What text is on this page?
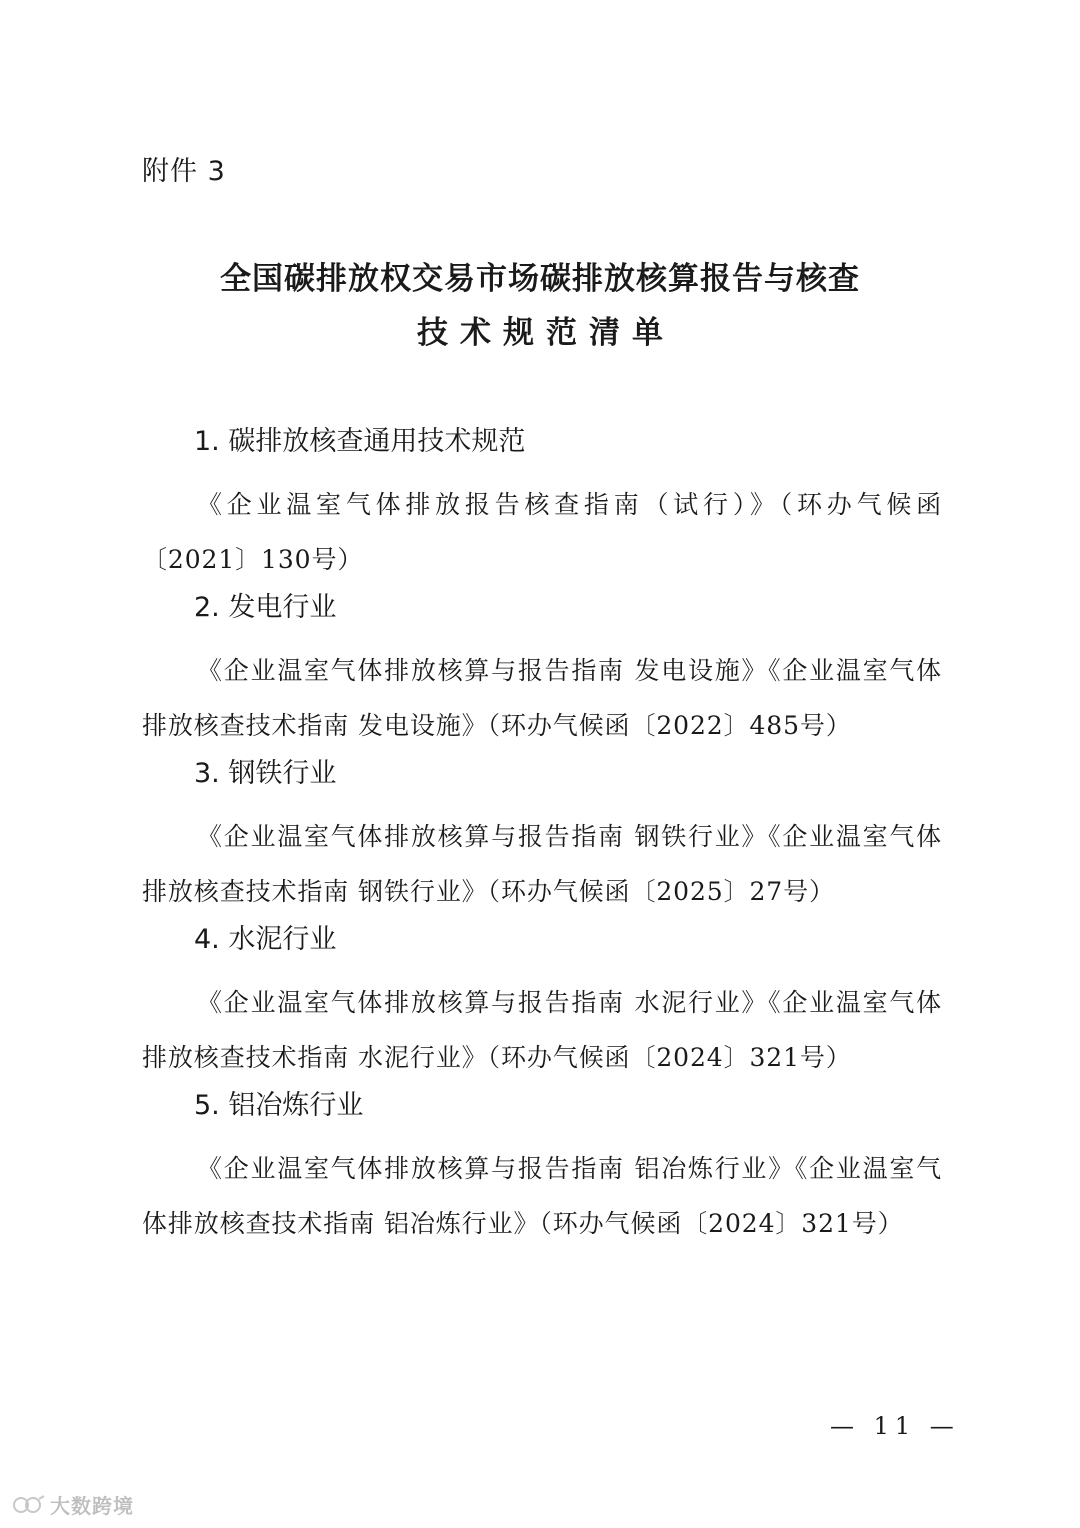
附件 3
全国碳排放权交易市场碳排放核算报告与核查
技术规范清单
1. 碳排放核查通用技术规范
《企业温室气体排放报告核查指南（试行）》（环办气候函〔2021〕130号）
2. 发电行业
《企业温室气体排放核算与报告指南 发电设施》《企业温室气体排放核查技术指南 发电设施》（环办气候函〔2022〕485号）
3. 钢铁行业
《企业温室气体排放核算与报告指南 钢铁行业》《企业温室气体排放核查技术指南 钢铁行业》（环办气候函〔2025〕27号）
4. 水泥行业
《企业温室气体排放核算与报告指南 水泥行业》《企业温室气体排放核查技术指南 水泥行业》（环办气候函〔2024〕321号）
5. 铝冶炼行业
《企业温室气体排放核算与报告指南 铝冶炼行业》《企业温室气体排放核查技术指南 铝冶炼行业》（环办气候函〔2024〕321号）
— 11 —
大数跨境
